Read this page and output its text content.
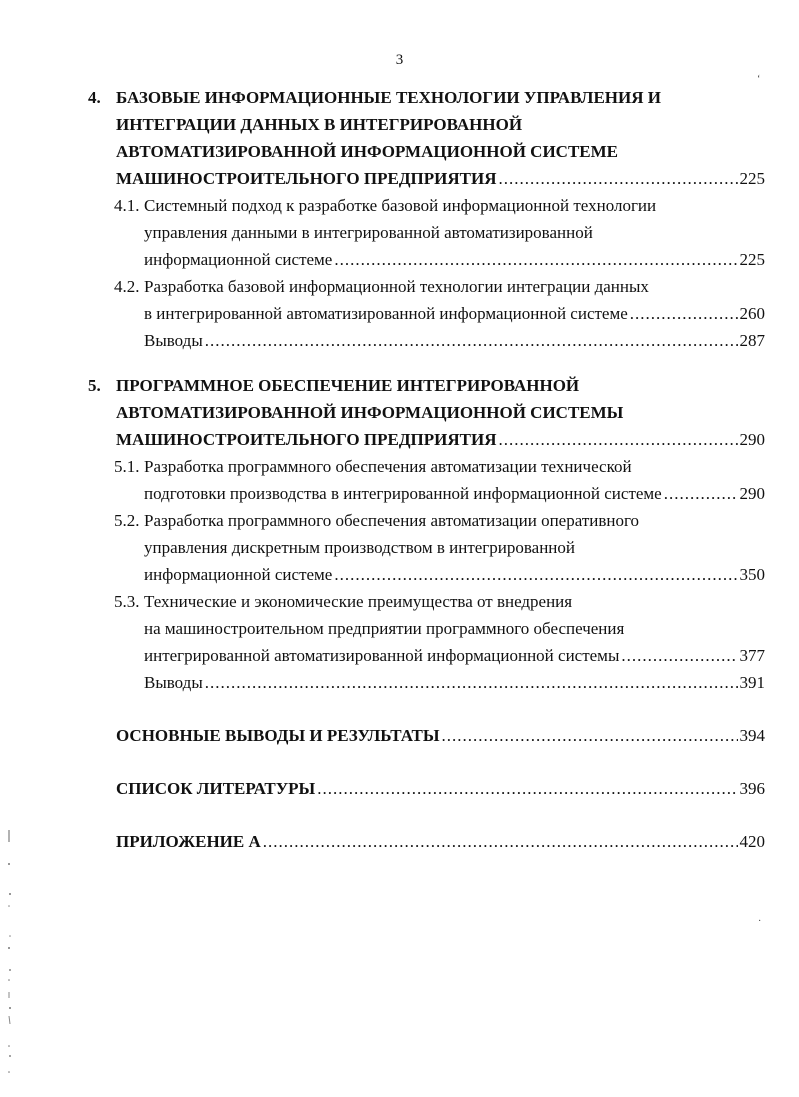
3
4. БАЗОВЫЕ ИНФОРМАЦИОННЫЕ ТЕХНОЛОГИИ УПРАВЛЕНИЯ И
ИНТЕГРАЦИИ ДАННЫХ В ИНТЕГРИРОВАННОЙ
АВТОМАТИЗИРОВАННОЙ ИНФОРМАЦИОННОЙ СИСТЕМЕ
МАШИНОСТРОИТЕЛЬНОГО ПРЕДПРИЯТИЯ .....	225
4.1. Системный подход к разработке базовой информационной технологии
управления данными в интегрированной автоматизированной
информационной системе .....	225
4.2. Разработка базовой информационной технологии интеграции данных
в интегрированной автоматизированной информационной системе .....	260
Выводы .....	287
5. ПРОГРАММНОЕ ОБЕСПЕЧЕНИЕ ИНТЕГРИРОВАННОЙ
АВТОМАТИЗИРОВАННОЙ ИНФОРМАЦИОННОЙ СИСТЕМЫ
МАШИНОСТРОИТЕЛЬНОГО ПРЕДПРИЯТИЯ .....	290
5.1. Разработка программного обеспечения автоматизации технической
подготовки производства в интегрированной информационной системе .....	290
5.2. Разработка программного обеспечения автоматизации оперативного
управления дискретным производством в интегрированной
информационной системе .....	350
5.3. Технические и экономические преимущества от внедрения
на машиностроительном предприятии программного обеспечения
интегрированной автоматизированной информационной системы .....	377
Выводы .....	391
ОСНОВНЫЕ ВЫВОДЫ И РЕЗУЛЬТАТЫ .....	394
СПИСОК ЛИТЕРАТУРЫ .....	396
ПРИЛОЖЕНИЕ А .....	420
‘
·
